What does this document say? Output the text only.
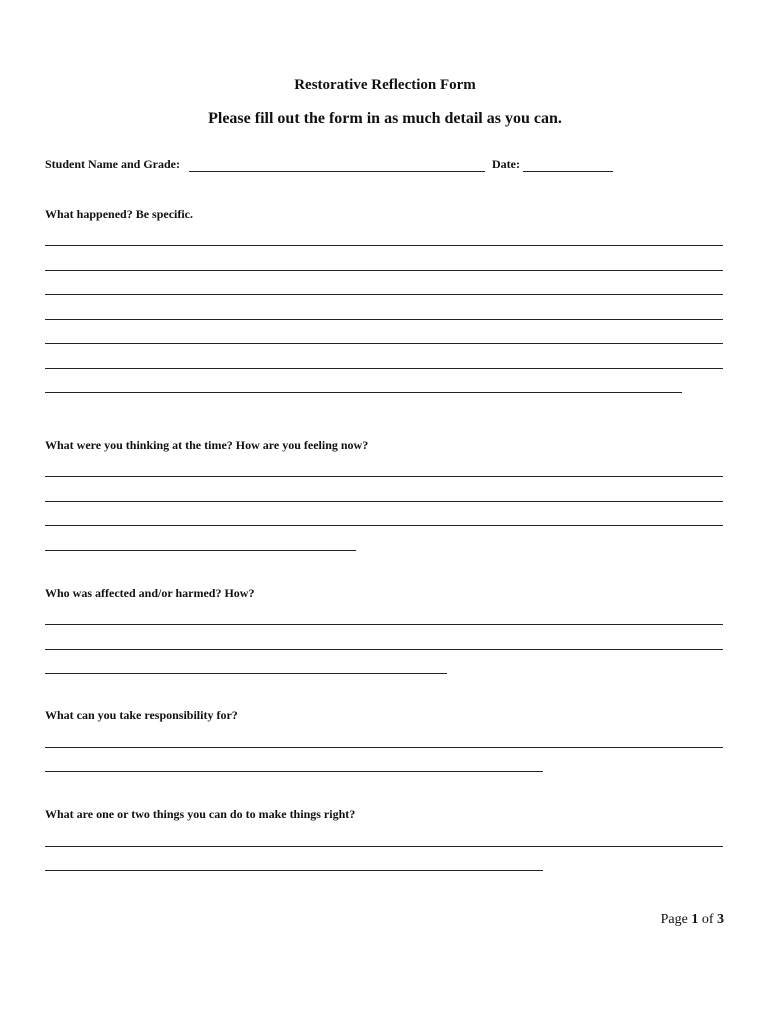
Restorative Reflection Form
Please fill out the form in as much detail as you can.
Student Name and Grade:	Date:
What happened? Be specific.
What were you thinking at the time? How are you feeling now?
Who was affected and/or harmed? How?
What can you take responsibility for?
What are one or two things you can do to make things right?
Page 1 of 3
